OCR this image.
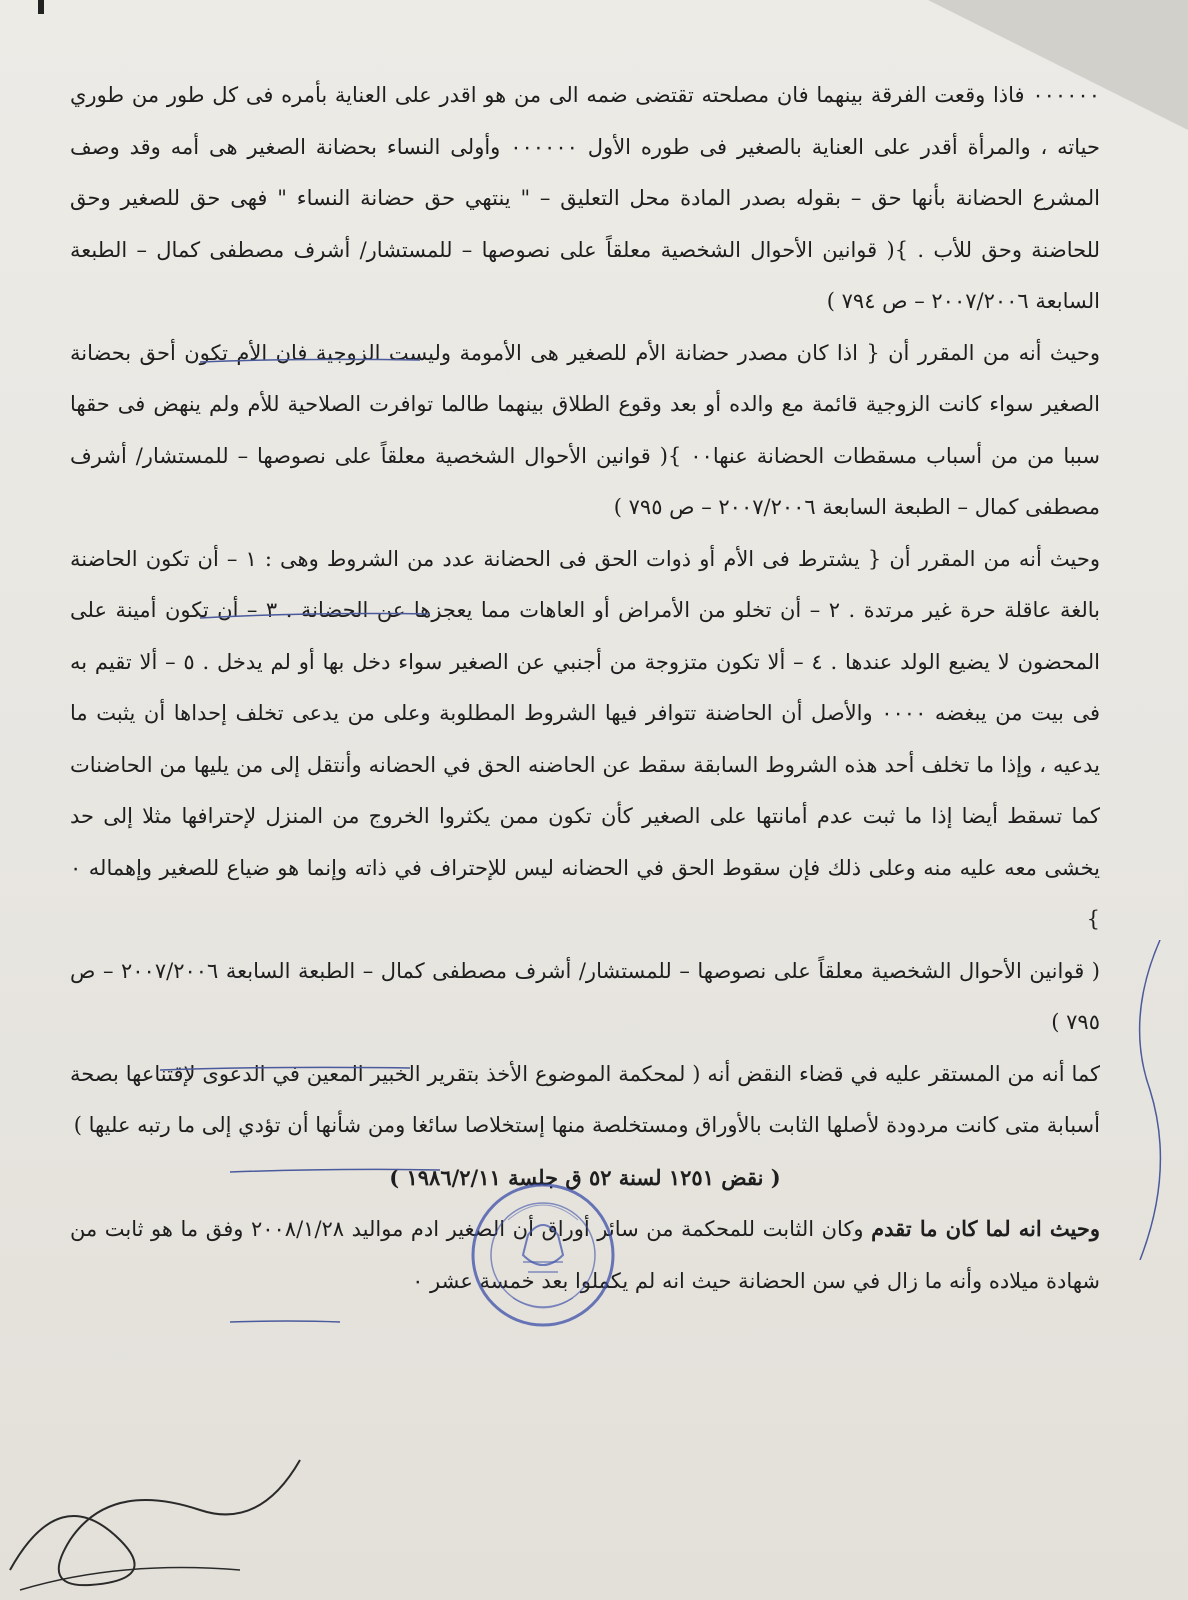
٠٠٠٠٠٠ فاذا وقعت الفرقة بينهما فان مصلحته تقتضى ضمه الى من هو اقدر على العناية بأمره فى كل طور من طوري حياته ، والمرأة أقدر على العناية بالصغير فى طوره الأول ٠٠٠٠٠٠ وأولى النساء بحضانة الصغير هى أمه وقد وصف المشرع الحضانة بأنها حق – بقوله بصدر المادة محل التعليق – " ينتهي حق حضانة النساء " فهى حق للصغير وحق للحاضنة وحق للأب . }( قوانين الأحوال الشخصية معلقاً على نصوصها – للمستشار/ أشرف مصطفى كمال – الطبعة السابعة ٢٠٠٧/٢٠٠٦ – ص ٧٩٤ )

وحيث أنه من المقرر أن { اذا كان مصدر حضانة الأم للصغير هى الأمومة وليست الزوجية فان الأم تكون أحق بحضانة الصغير سواء كانت الزوجية قائمة مع والده أو بعد وقوع الطلاق بينهما طالما توافرت الصلاحية للأم ولم ينهض فى حقها سببا من من أسباب مسقطات الحضانة عنها٠٠ }( قوانين الأحوال الشخصية معلقاً على نصوصها – للمستشار/ أشرف مصطفى كمال – الطبعة السابعة ٢٠٠٧/٢٠٠٦ – ص ٧٩٥ )

وحيث أنه من المقرر أن { يشترط فى الأم أو ذوات الحق فى الحضانة عدد من الشروط وهى : ١ – أن تكون الحاضنة بالغة عاقلة حرة غير مرتدة . ٢ – أن تخلو من الأمراض أو العاهات مما يعجزها عن الحضانة . ٣ – أن تكون أمينة على المحضون لا يضيع الولد عندها . ٤ – ألا تكون متزوجة من أجنبي عن الصغير سواء دخل بها أو لم يدخل . ٥ – ألا تقيم به فى بيت من يبغضه ٠٠٠٠ والأصل أن الحاضنة تتوافر فيها الشروط المطلوبة وعلى من يدعى تخلف إحداها أن يثبت ما يدعيه ، وإذا ما تخلف أحد هذه الشروط السابقة سقط عن الحاضنه الحق في الحضانه وأنتقل إلى من يليها من الحاضنات كما تسقط أيضا إذا ما ثبت عدم أمانتها على الصغير كأن تكون ممن يكثروا الخروج من المنزل لإحترافها مثلا إلى حد يخشى معه عليه منه وعلى ذلك فإن سقوط الحق في الحضانه ليس للإحتراف في ذاته وإنما هو ضياع للصغير وإهماله ٠ }

( قوانين الأحوال الشخصية معلقاً على نصوصها – للمستشار/ أشرف مصطفى كمال – الطبعة السابعة ٢٠٠٧/٢٠٠٦ – ص ٧٩٥ )

كما أنه من المستقر عليه في قضاء النقض أنه ( لمحكمة الموضوع الأخذ بتقرير الخبير المعين في الدعوى لإقتناعها بصحة أسبابة متى كانت مردودة لأصلها الثابت بالأوراق ومستخلصة منها إستخلاصا سائغا ومن شأنها أن تؤدي إلى ما رتبه عليها )

( نقض ١٢٥١ لسنة ٥٢ ق جلسة ١٩٨٦/٢/١١ )

وحيث انه لما كان ما تقدم وكان الثابت للمحكمة من سائر أوراق أن الصغير ادم مواليد ٢٠٠٨/١/٢٨ وفق ما هو ثابت من شهادة ميلاده وأنه ما زال في سن الحضانة حيث انه لم يكملوا بعد خمسة عشر ٠
